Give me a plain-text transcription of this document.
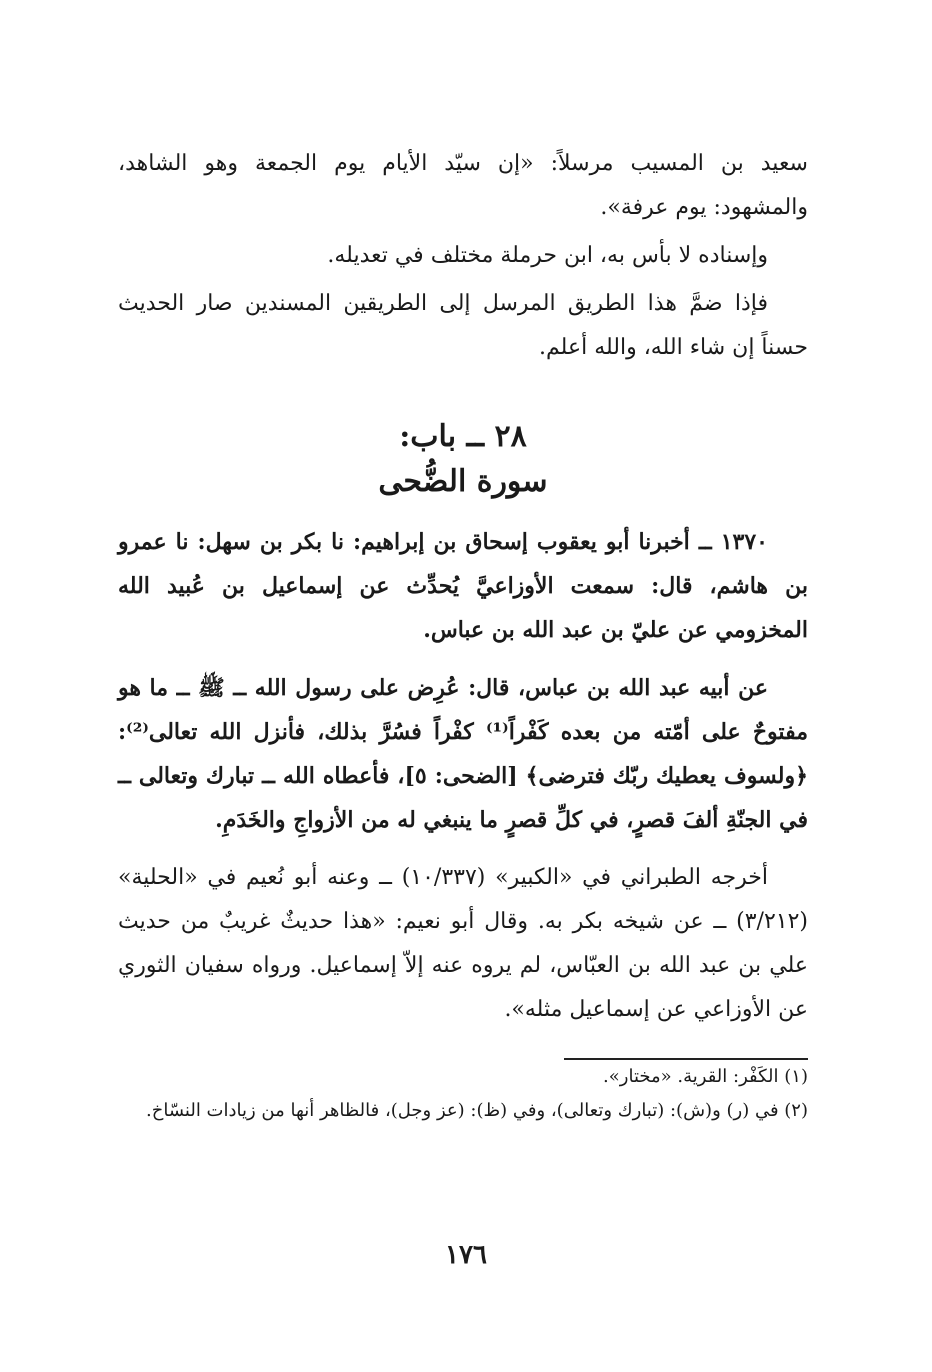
سعيد بن المسيب مرسلاً: «إن سيّد الأيام يوم الجمعة وهو الشاهد، والمشهود: يوم عرفة».

وإسناده لا بأس به، ابن حرملة مختلف في تعديله.

فإذا ضمَّ هذا الطريق المرسل إلى الطريقين المسندين صار الحديث حسناً إن شاء الله، والله أعلم.

٢٨ ــ باب:
سورة الضُّحى

١٣٧٠ ــ أخبرنا أبو يعقوب إسحاق بن إبراهيم: نا بكر بن سهل: نا عمرو بن هاشم، قال: سمعت الأوزاعيَّ يُحدِّث عن إسماعيل بن عُبيد الله المخزومي عن عليّ بن عبد الله بن عباس.

عن أبيه عبد الله بن عباس، قال: عُرِض على رسول الله ــ ﷺ ــ ما هو مفتوحٌ على أمّته من بعده كَفْراً⁽¹⁾ كفْراً فسُرَّ بذلك، فأنزل الله تعالى⁽²⁾: ﴿ولسوف يعطيك ربّك فترضى﴾ [الضحى: ٥]، فأعطاه الله ــ تبارك وتعالى ــ في الجنّةِ ألفَ قصرٍ، في كلِّ قصرٍ ما ينبغي له من الأزواجِ والخَدَمِ.

أخرجه الطبراني في «الكبير» (١٠/٣٣٧) ــ وعنه أبو نُعيم في «الحلية» (٣/٢١٢) ــ عن شيخه بكر به. وقال أبو نعيم: «هذا حديثٌ غريبٌ من حديث علي بن عبد الله بن العبّاس، لم يروه عنه إلاّ إسماعيل. ورواه سفيان الثوري عن الأوزاعي عن إسماعيل مثله».

(١) الكَفْر: القرية. «مختار».

(٢) في (ر) و(ش): (تبارك وتعالى)، وفي (ظ): (عز وجل)، فالظاهر أنها من زيادات النسّاخ.

١٧٦
